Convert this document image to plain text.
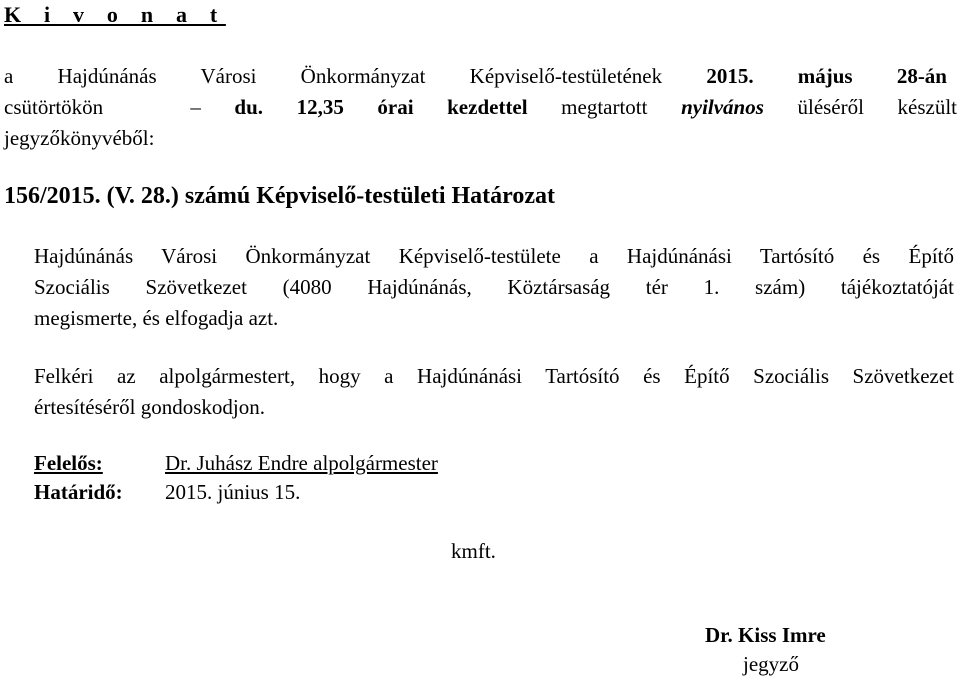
K i v o n a t
a Hajdúnánás Városi Önkormányzat Képviselő-testületének 2015. május 28-án
csütörtökön	– du. 12,35 órai kezdettel megtartott nyilvános üléséről készült
jegyzőkönyvéből:
156/2015. (V. 28.) számú Képviselő-testületi Határozat
Hajdúnánás Városi Önkormányzat Képviselő-testülete a Hajdúnánási Tartósító és Építő
Szociális Szövetkezet (4080 Hajdúnánás, Köztársaság tér 1. szám) tájékoztatóját
megismerte, és elfogadja azt.
Felkéri az alpolgármestert, hogy a Hajdúnánási Tartósító és Építő Szociális Szövetkezet
értesítéséről gondoskodjon.
Felelős:	Dr. Juhász Endre alpolgármester
Határidő: 2015. június 15.
kmft.
Dr. Kiss Imre
jegyző
